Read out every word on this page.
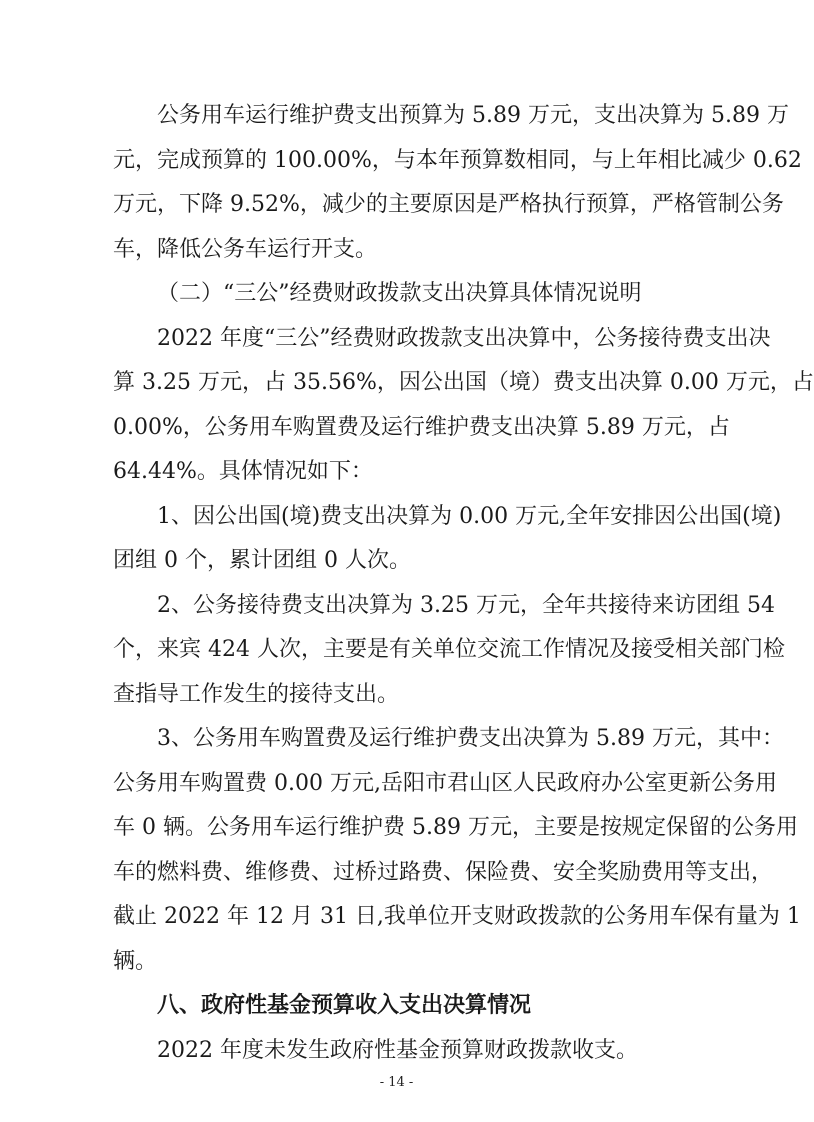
公务用车运行维护费支出预算为 5.89 万元，支出决算为 5.89 万
元，完成预算的 100.00%，与本年预算数相同，与上年相比减少 0.62
万元，下降 9.52%，减少的主要原因是严格执行预算，严格管制公务
车，降低公务车运行开支。
（二）“三公”经费财政拨款支出决算具体情况说明
2022 年度“三公”经费财政拨款支出决算中，公务接待费支出决
算 3.25 万元，占 35.56%，因公出国（境）费支出决算 0.00 万元，占
0.00%，公务用车购置费及运行维护费支出决算 5.89 万元，占
64.44%。具体情况如下：
1、因公出国(境)费支出决算为 0.00 万元,全年安排因公出国(境)
团组 0 个，累计团组 0 人次。
2、公务接待费支出决算为 3.25 万元，全年共接待来访团组 54
个，来宾 424 人次，主要是有关单位交流工作情况及接受相关部门检
查指导工作发生的接待支出。
3、公务用车购置费及运行维护费支出决算为 5.89 万元，其中：
公务用车购置费 0.00 万元,岳阳市君山区人民政府办公室更新公务用
车 0 辆。公务用车运行维护费 5.89 万元，主要是按规定保留的公务用
车的燃料费、维修费、过桥过路费、保险费、安全奖励费用等支出，
截止 2022 年 12 月 31 日,我单位开支财政拨款的公务用车保有量为 1
辆。
八、政府性基金预算收入支出决算情况
2022 年度未发生政府性基金预算财政拨款收支。
- 14 -
